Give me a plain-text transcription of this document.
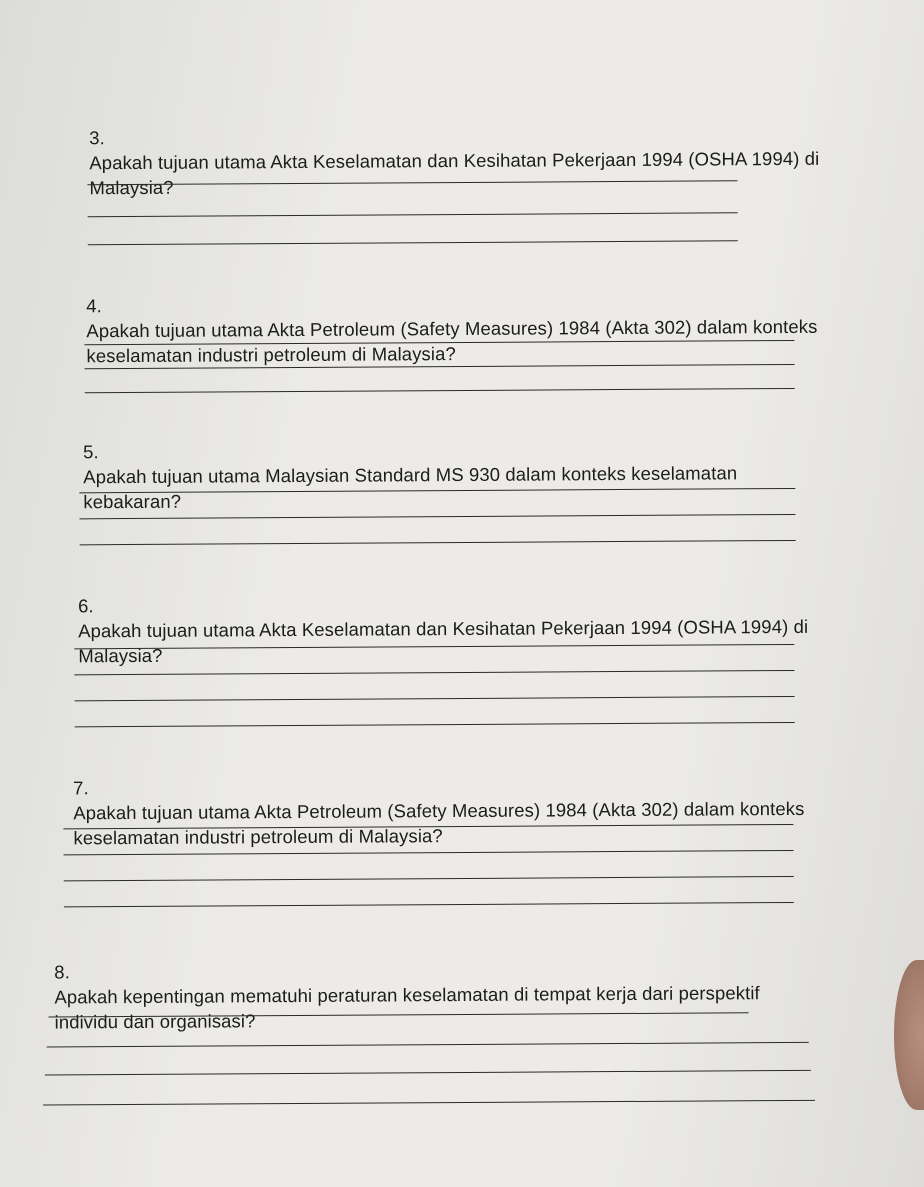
3.
Apakah tujuan utama Akta Keselamatan dan Kesihatan Pekerjaan 1994 (OSHA 1994) di
Malaysia?

4.
Apakah tujuan utama Akta Petroleum (Safety Measures) 1984 (Akta 302) dalam konteks
keselamatan industri petroleum di Malaysia?

5.
Apakah tujuan utama Malaysian Standard MS 930 dalam konteks keselamatan
kebakaran?

6.
Apakah tujuan utama Akta Keselamatan dan Kesihatan Pekerjaan 1994 (OSHA 1994) di
Malaysia?

7.
Apakah tujuan utama Akta Petroleum (Safety Measures) 1984 (Akta 302) dalam konteks
keselamatan industri petroleum di Malaysia?

8.
Apakah kepentingan mematuhi peraturan keselamatan di tempat kerja dari perspektif
individu dan organisasi?
